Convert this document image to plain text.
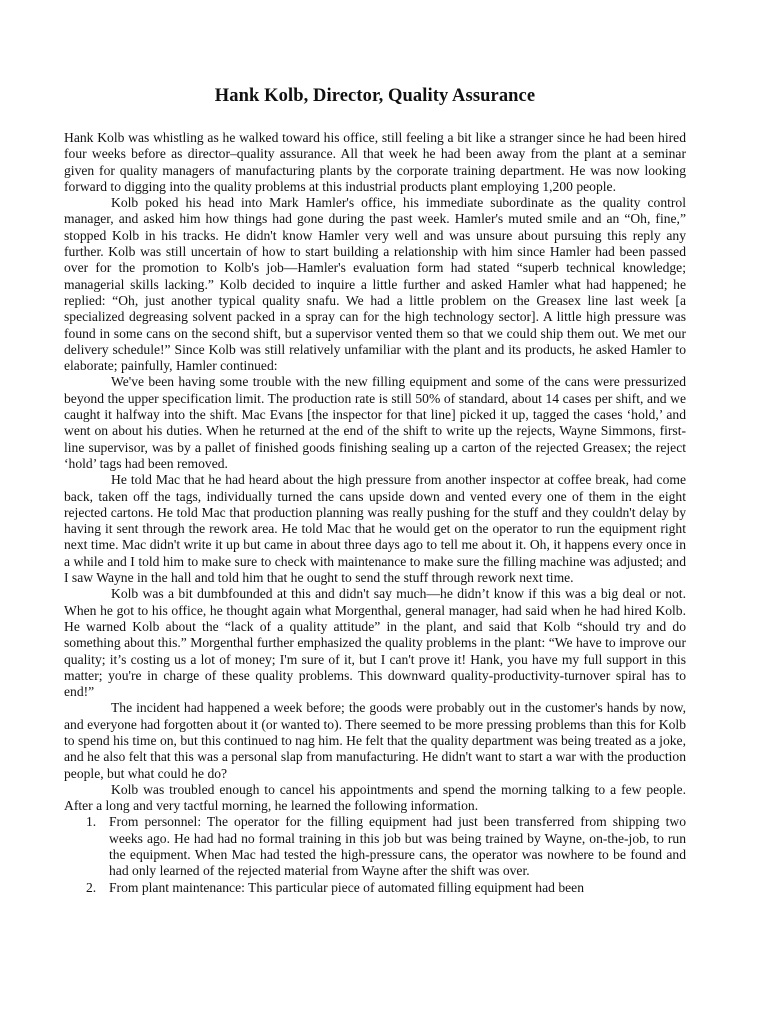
Hank Kolb, Director, Quality Assurance

Hank Kolb was whistling as he walked toward his office, still feeling a bit like a stranger since he had been hired four weeks before as director–quality assurance. All that week he had been away from the plant at a seminar given for quality managers of manufacturing plants by the corporate training department. He was now looking forward to digging into the quality problems at this industrial products plant employing 1,200 people.

Kolb poked his head into Mark Hamler's office, his immediate subordinate as the quality control manager, and asked him how things had gone during the past week. Hamler's muted smile and an “Oh, fine,” stopped Kolb in his tracks. He didn't know Hamler very well and was unsure about pursuing this reply any further. Kolb was still uncertain of how to start building a relationship with him since Hamler had been passed over for the promotion to Kolb's job—Hamler's evaluation form had stated “superb technical knowledge; managerial skills lacking.” Kolb decided to inquire a little further and asked Hamler what had happened; he replied: “Oh, just another typical quality snafu. We had a little problem on the Greasex line last week [a specialized degreasing solvent packed in a spray can for the high technology sector]. A little high pressure was found in some cans on the second shift, but a supervisor vented them so that we could ship them out. We met our delivery schedule!” Since Kolb was still relatively unfamiliar with the plant and its products, he asked Hamler to elaborate; painfully, Hamler continued:

We've been having some trouble with the new filling equipment and some of the cans were pressurized beyond the upper specification limit. The production rate is still 50% of standard, about 14 cases per shift, and we caught it halfway into the shift. Mac Evans [the inspector for that line] picked it up, tagged the cases ‘hold,’ and went on about his duties. When he returned at the end of the shift to write up the rejects, Wayne Simmons, first-line supervisor, was by a pallet of finished goods finishing sealing up a carton of the rejected Greasex; the reject ‘hold’ tags had been removed.

He told Mac that he had heard about the high pressure from another inspector at coffee break, had come back, taken off the tags, individually turned the cans upside down and vented every one of them in the eight rejected cartons. He told Mac that production planning was really pushing for the stuff and they couldn't delay by having it sent through the rework area. He told Mac that he would get on the operator to run the equipment right next time. Mac didn't write it up but came in about three days ago to tell me about it. Oh, it happens every once in a while and I told him to make sure to check with maintenance to make sure the filling machine was adjusted; and I saw Wayne in the hall and told him that he ought to send the stuff through rework next time.

Kolb was a bit dumbfounded at this and didn't say much—he didn’t know if this was a big deal or not. When he got to his office, he thought again what Morgenthal, general manager, had said when he had hired Kolb. He warned Kolb about the “lack of a quality attitude” in the plant, and said that Kolb “should try and do something about this.” Morgenthal further emphasized the quality problems in the plant: “We have to improve our quality; it’s costing us a lot of money; I'm sure of it, but I can't prove it! Hank, you have my full support in this matter; you're in charge of these quality problems. This downward quality-productivity-turnover spiral has to end!”

The incident had happened a week before; the goods were probably out in the customer's hands by now, and everyone had forgotten about it (or wanted to). There seemed to be more pressing problems than this for Kolb to spend his time on, but this continued to nag him. He felt that the quality department was being treated as a joke, and he also felt that this was a personal slap from manufacturing. He didn't want to start a war with the production people, but what could he do?

Kolb was troubled enough to cancel his appointments and spend the morning talking to a few people. After a long and very tactful morning, he learned the following information.

1. From personnel: The operator for the filling equipment had just been transferred from shipping two weeks ago. He had had no formal training in this job but was being trained by Wayne, on-the-job, to run the equipment. When Mac had tested the high-pressure cans, the operator was nowhere to be found and had only learned of the rejected material from Wayne after the shift was over.
2. From plant maintenance: This particular piece of automated filling equipment had been
